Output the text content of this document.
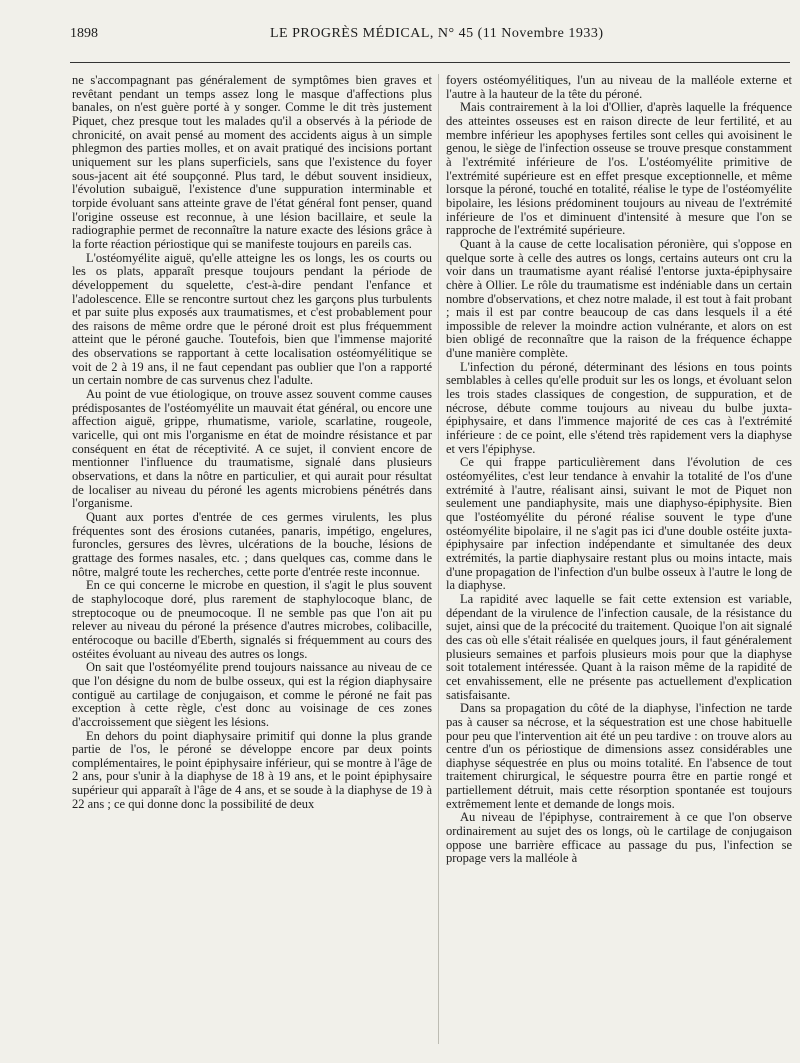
1898	LE PROGRÈS MÉDICAL, N° 45 (11 Novembre 1933)

ne s'accompagnant pas généralement de symptômes bien graves et revêtant pendant un temps assez long le masque d'affections plus banales, on n'est guère porté à y songer. Comme le dit très justement Piquet, chez presque tout les malades qu'il a observés à la période de chronicité, on avait pensé au moment des accidents aigus à un simple phlegmon des parties molles, et on avait pratiqué des incisions portant uniquement sur les plans superficiels, sans que l'existence du foyer sous-jacent ait été soupçonné. Plus tard, le début souvent insidieux, l'évolution subaiguë, l'existence d'une suppuration interminable et torpide évoluant sans atteinte grave de l'état général font penser, quand l'origine osseuse est reconnue, à une lésion bacillaire, et seule la radiographie permet de reconnaître la nature exacte des lésions grâce à la forte réaction périostique qui se manifeste toujours en pareils cas.

L'ostéomyélite aiguë, qu'elle atteigne les os longs, les os courts ou les os plats, apparaît presque toujours pendant la période de développement du squelette, c'est-à-dire pendant l'enfance et l'adolescence. Elle se rencontre surtout chez les garçons plus turbulents et par suite plus exposés aux traumatismes, et c'est probablement pour des raisons de même ordre que le péroné droit est plus fréquemment atteint que le péroné gauche. Toutefois, bien que l'immense majorité des observations se rapportant à cette localisation ostéomyélitique se voit de 2 à 19 ans, il ne faut cependant pas oublier que l'on a rapporté un certain nombre de cas survenus chez l'adulte.

Au point de vue étiologique, on trouve assez souvent comme causes prédisposantes de l'ostéomyélite un mauvait état général, ou encore une affection aiguë, grippe, rhumatisme, variole, scarlatine, rougeole, varicelle, qui ont mis l'organisme en état de moindre résistance et par conséquent en état de réceptivité. A ce sujet, il convient encore de mentionner l'influence du traumatisme, signalé dans plusieurs observations, et dans la nôtre en particulier, et qui aurait pour résultat de localiser au niveau du péroné les agents microbiens pénétrés dans l'organisme.

Quant aux portes d'entrée de ces germes virulents, les plus fréquentes sont des érosions cutanées, panaris, impétigo, engelures, furoncles, gersures des lèvres, ulcérations de la bouche, lésions de grattage des formes nasales, etc. ; dans quelques cas, comme dans le nôtre, malgré toute les recherches, cette porte d'entrée reste inconnue.

En ce qui concerne le microbe en question, il s'agit le plus souvent de staphylocoque doré, plus rarement de staphylocoque blanc, de streptocoque ou de pneumocoque. Il ne semble pas que l'on ait pu relever au niveau du péroné la présence d'autres microbes, colibacille, entérocoque ou bacille d'Eberth, signalés si fréquemment au cours des ostéites évoluant au niveau des autres os longs.

On sait que l'ostéomyélite prend toujours naissance au niveau de ce que l'on désigne du nom de bulbe osseux, qui est la région diaphysaire contiguë au cartilage de conjugaison, et comme le péroné ne fait pas exception à cette règle, c'est donc au voisinage de ces zones d'accroissement que siègent les lésions.

En dehors du point diaphysaire primitif qui donne la plus grande partie de l'os, le péroné se développe encore par deux points complémentaires, le point épiphysaire inférieur, qui se montre à l'âge de 2 ans, pour s'unir à la diaphyse de 18 à 19 ans, et le point épiphysaire supérieur qui apparaît à l'âge de 4 ans, et se soude à la diaphyse de 19 à 22 ans ; ce qui donne donc la possibilité de deux

foyers ostéomyélitiques, l'un au niveau de la malléole externe et l'autre à la hauteur de la tête du péroné.

Mais contrairement à la loi d'Ollier, d'après laquelle la fréquence des atteintes osseuses est en raison directe de leur fertilité, et au membre inférieur les apophyses fertiles sont celles qui avoisinent le genou, le siège de l'infection osseuse se trouve presque constamment à l'extrémité inférieure de l'os. L'ostéomyélite primitive de l'extrémité supérieure est en effet presque exceptionnelle, et même lorsque la péroné, touché en totalité, réalise le type de l'ostéomyélite bipolaire, les lésions prédominent toujours au niveau de l'extrémité inférieure de l'os et diminuent d'intensité à mesure que l'on se rapproche de l'extrémité supérieure.

Quant à la cause de cette localisation péronière, qui s'oppose en quelque sorte à celle des autres os longs, certains auteurs ont cru la voir dans un traumatisme ayant réalisé l'entorse juxta-épiphysaire chère à Ollier. Le rôle du traumatisme est indéniable dans un certain nombre d'observations, et chez notre malade, il est tout à fait probant ; mais il est par contre beaucoup de cas dans lesquels il a été impossible de relever la moindre action vulnérante, et alors on est bien obligé de reconnaître que la raison de la fréquence échappe d'une manière complète.

L'infection du péroné, déterminant des lésions en tous points semblables à celles qu'elle produit sur les os longs, et évoluant selon les trois stades classiques de congestion, de suppuration, et de nécrose, débute comme toujours au niveau du bulbe juxta-épiphysaire, et dans l'immence majorité de ces cas à l'extrémité inférieure : de ce point, elle s'étend très rapidement vers la diaphyse et vers l'épiphyse.

Ce qui frappe particulièrement dans l'évolution de ces ostéomyélites, c'est leur tendance à envahir la totalité de l'os d'une extrémité à l'autre, réalisant ainsi, suivant le mot de Piquet non seulement une pandiaphysite, mais une diaphyso-épiphysite. Bien que l'ostéomyélite du péroné réalise souvent le type d'une ostéomyélite bipolaire, il ne s'agit pas ici d'une double ostéite juxta-épiphysaire par infection indépendante et simultanée des deux extrémités, la partie diaphysaire restant plus ou moins intacte, mais d'une propagation de l'infection d'un bulbe osseux à l'autre le long de la diaphyse.

La rapidité avec laquelle se fait cette extension est variable, dépendant de la virulence de l'infection causale, de la résistance du sujet, ainsi que de la précocité du traitement. Quoique l'on ait signalé des cas où elle s'était réalisée en quelques jours, il faut généralement plusieurs semaines et parfois plusieurs mois pour que la diaphyse soit totalement intéressée. Quant à la raison même de la rapidité de cet envahissement, elle ne présente pas actuellement d'explication satisfaisante.

Dans sa propagation du côté de la diaphyse, l'infection ne tarde pas à causer sa nécrose, et la séquestration est une chose habituelle pour peu que l'intervention ait été un peu tardive : on trouve alors au centre d'un os périostique de dimensions assez considérables une diaphyse séquestrée en plus ou moins totalité. En l'absence de tout traitement chirurgical, le séquestre pourra être en partie rongé et partiellement détruit, mais cette résorption spontanée est toujours extrêmement lente et demande de longs mois.

Au niveau de l'épiphyse, contrairement à ce que l'on observe ordinairement au sujet des os longs, où le cartilage de conjugaison oppose une barrière efficace au passage du pus, l'infection se propage vers la malléole à
